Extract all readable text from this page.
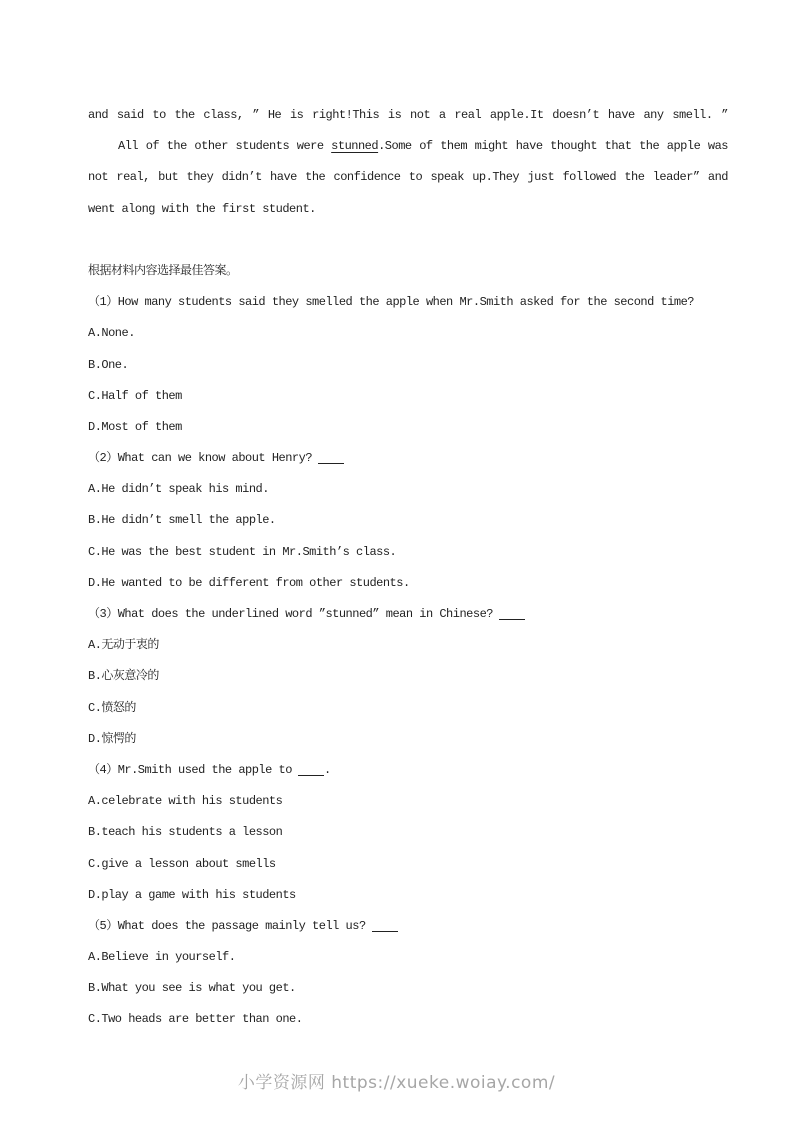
and said to the class, ” He is right!This is not a real apple.It doesn’t have any smell. ”
All of the other students were stunned.Some of them might have thought that the apple was
not real, but they didn’t have the confidence to speak up.They just followed the leader” and
went along with the first student.
根据材料内容选择最佳答案。
（1）How many students said they smelled the apple when Mr.Smith asked for the second time?
A.None.
B.One.
C.Half of them
D.Most of them
（2）What can we know about Henry?
A.He didn’t speak his mind.
B.He didn’t smell the apple.
C.He was the best student in Mr.Smith’s class.
D.He wanted to be different from other students.
（3）What does the underlined word ”stunned” mean in Chinese?
A.无动于衷的
B.心灰意冷的
C.愤怒的
D.惊愕的
（4）Mr.Smith used the apple to	.
A.celebrate with his students
B.teach his students a lesson
C.give a lesson about smells
D.play a game with his students
（5）What does the passage mainly tell us?
A.Believe in yourself.
B.What you see is what you get.
C.Two heads are better than one.
小学资源网 https://xueke.woiay.com/
